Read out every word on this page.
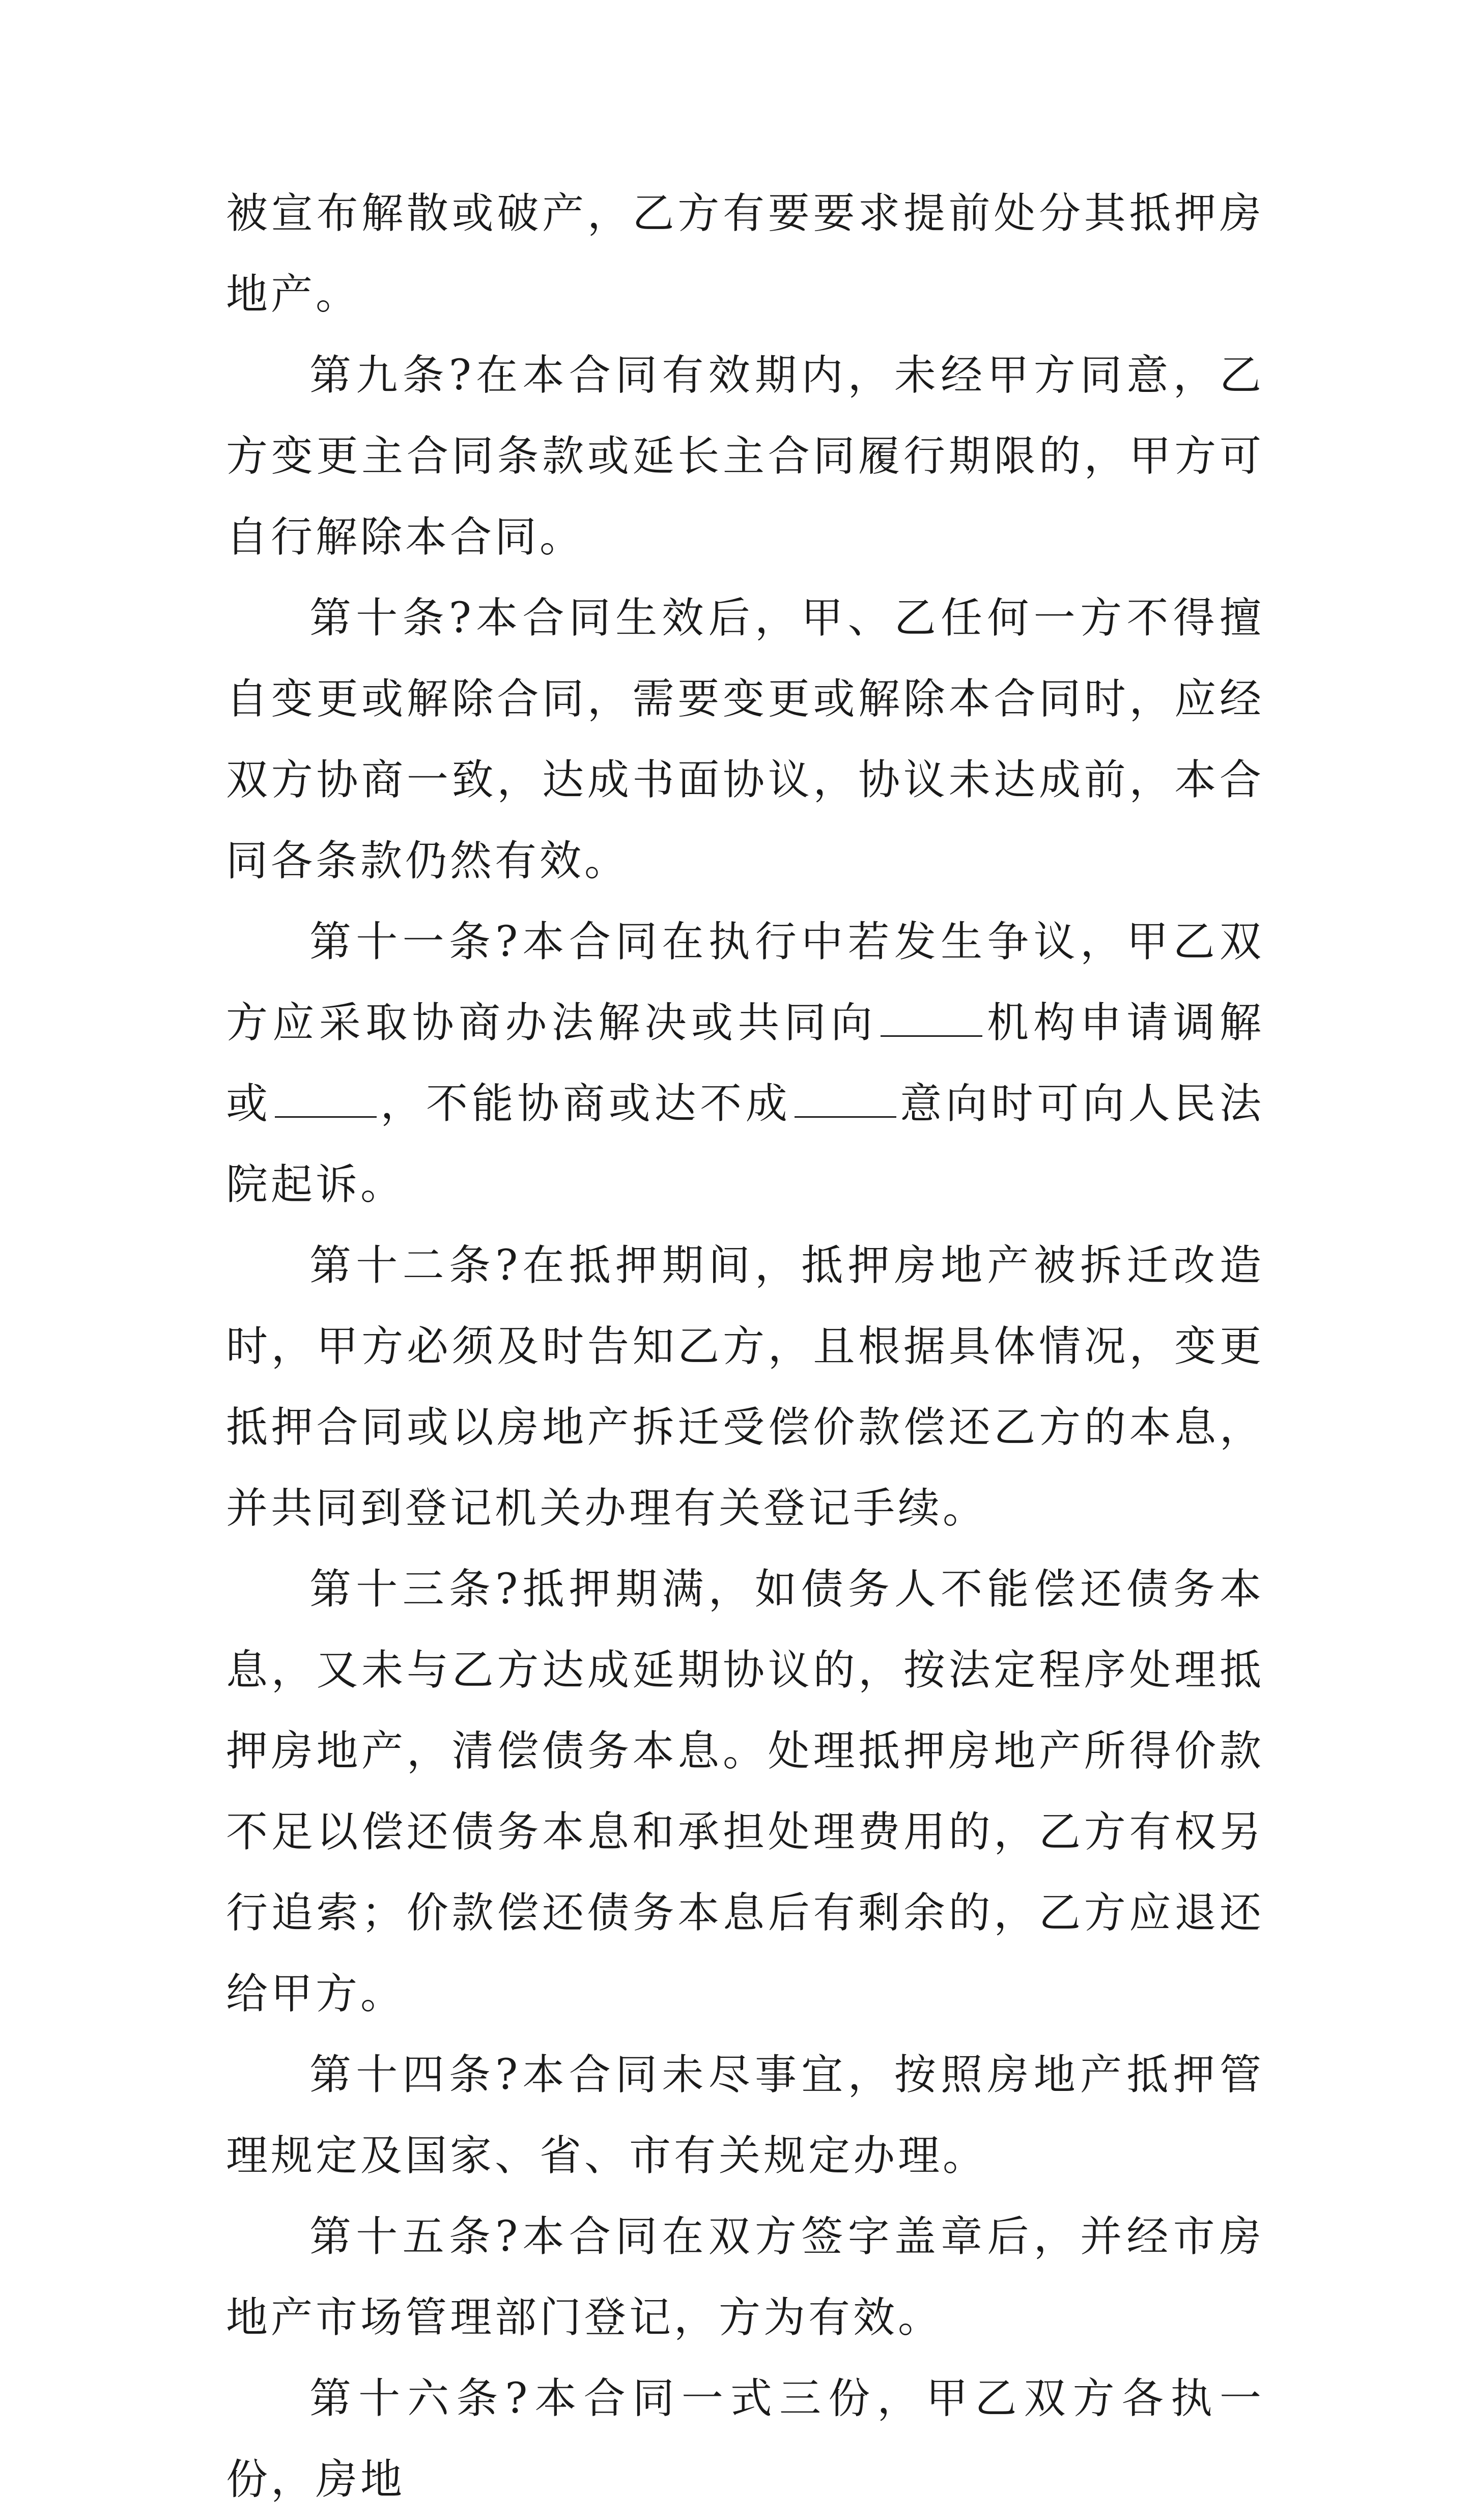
被宣布解散或破产，乙方有要要求提前处分其抵押房地产。

第九条?在本合同有效期内，未经甲方同意，乙方变更主合同条款或延长主合同履行期限的，甲方可自行解除本合同。

第十条?本合同生效后，甲、乙任何一方不得擅自变更或解除合同，需要变更或解除本合同时，应经双方协商一致，达成书面协议，协议未达成前，本合同各条款仍然有效。

第十一条?本合同在执行中若发生争议，甲乙双方应采取协商办法解决或共同向	机构申请调解或	，不能协商或达不成	意向时可向人民法院起诉。

第十二条?在抵押期间，抵押房地产被拆迁改造时，甲方必须及时告知乙方，且根据具体情况，变更抵押合同或以房地产拆迁受偿价款偿还乙方的本息，并共同到登记机关办理有关登记手续。

第十三条?抵押期满，如债务人不能偿还债务本息，又未与乙方达成延期协议的，按法定程序处理抵押房地产，清偿债务本息。处理抵押房地产所得价款不足以偿还债务本息和承担处理费用的，乙方有权另行追索；价款偿还债务本息后有剩余的，乙方应退还给甲方。

第十四条?本合同未尽事宜，按照房地产抵押管理规定及国家、省、市有关规定办理。

第十五条?本合同在双方签字盖章后，并经市房地产市场管理部门登记，方为有效。

第十六条?本合同一式三份，甲乙双方各执一份，房地
